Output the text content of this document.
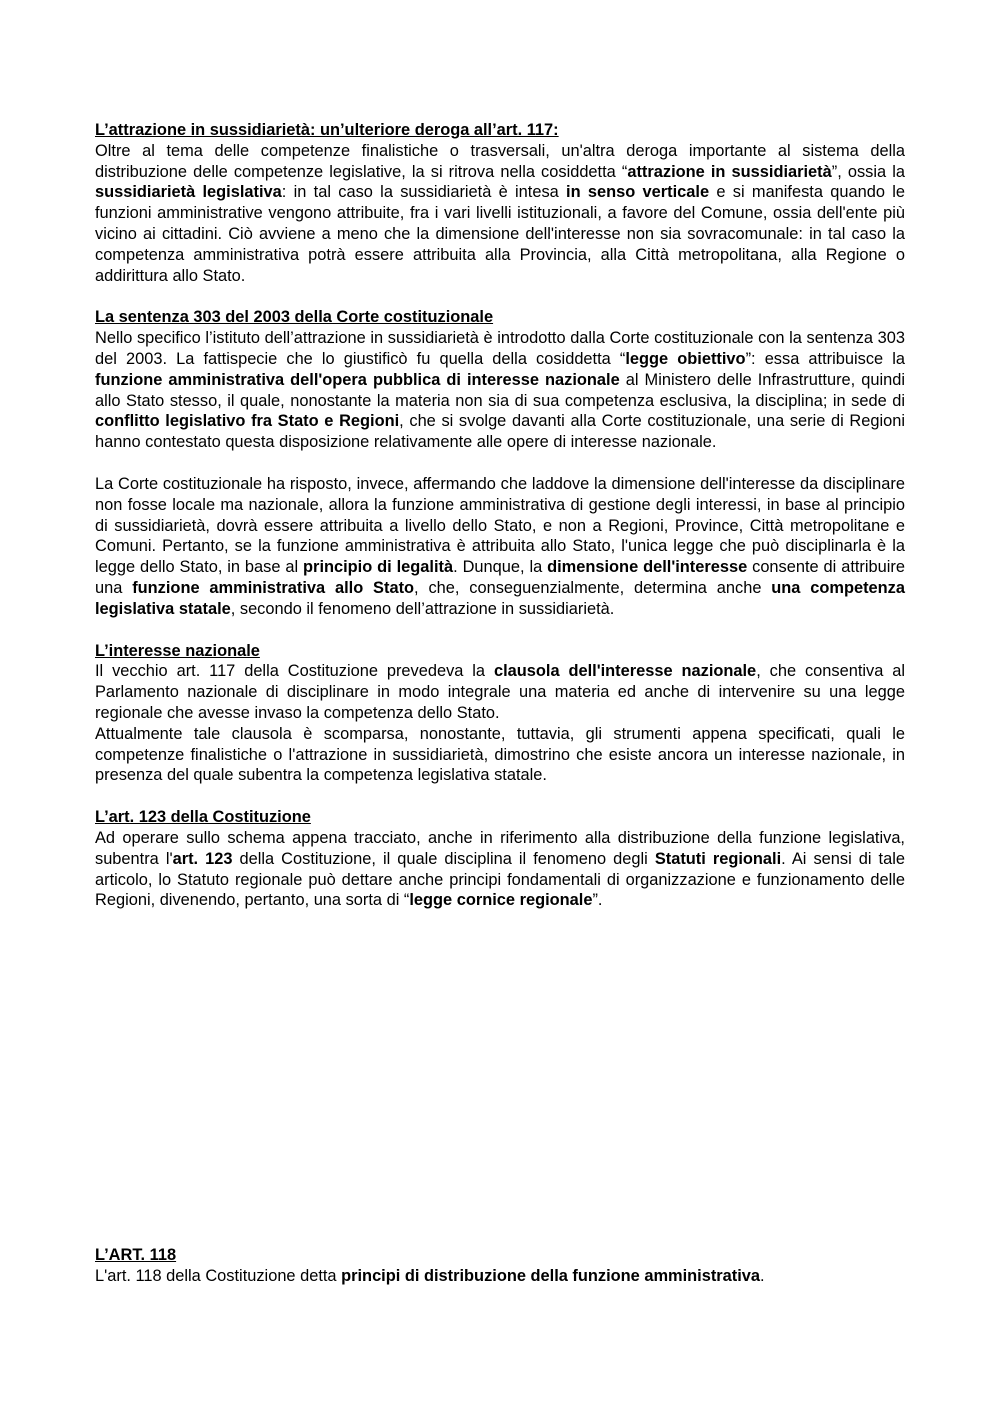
L’attrazione in sussidiarietà: un’ulteriore deroga all’art. 117:

Oltre al tema delle competenze finalistiche o trasversali, un'altra deroga importante al sistema della distribuzione delle competenze legislative, la si ritrova nella cosiddetta “attrazione in sussidiarietà”, ossia la sussidiarietà legislativa: in tal caso la sussidiarietà è intesa in senso verticale e si manifesta quando le funzioni amministrative vengono attribuite, fra i vari livelli istituzionali, a favore del Comune, ossia dell'ente più vicino ai cittadini. Ciò avviene a meno che la dimensione dell'interesse non sia sovracomunale: in tal caso la competenza amministrativa potrà essere attribuita alla Provincia, alla Città metropolitana, alla Regione o addirittura allo Stato.

La sentenza 303 del 2003 della Corte costituzionale

Nello specifico l’istituto dell’attrazione in sussidiarietà è introdotto dalla Corte costituzionale con la sentenza 303 del 2003. La fattispecie che lo giustificò fu quella della cosiddetta “legge obiettivo”: essa attribuisce la funzione amministrativa dell'opera pubblica di interesse nazionale al Ministero delle Infrastrutture, quindi allo Stato stesso, il quale, nonostante la materia non sia di sua competenza esclusiva, la disciplina; in sede di conflitto legislativo fra Stato e Regioni, che si svolge davanti alla Corte costituzionale, una serie di Regioni hanno contestato questa disposizione relativamente alle opere di interesse nazionale.

La Corte costituzionale ha risposto, invece, affermando che laddove la dimensione dell'interesse da disciplinare non fosse locale ma nazionale, allora la funzione amministrativa di gestione degli interessi, in base al principio di sussidiarietà, dovrà essere attribuita a livello dello Stato, e non a Regioni, Province, Città metropolitane e Comuni. Pertanto, se la funzione amministrativa è attribuita allo Stato, l'unica legge che può disciplinarla è la legge dello Stato, in base al principio di legalità. Dunque, la dimensione dell'interesse consente di attribuire una funzione amministrativa allo Stato, che, conseguenzialmente, determina anche una competenza legislativa statale, secondo il fenomeno dell’attrazione in sussidiarietà.

L’interesse nazionale

Il vecchio art. 117 della Costituzione prevedeva la clausola dell'interesse nazionale, che consentiva al Parlamento nazionale di disciplinare in modo integrale una materia ed anche di intervenire su una legge regionale che avesse invaso la competenza dello Stato.

Attualmente tale clausola è scomparsa, nonostante, tuttavia, gli strumenti appena specificati, quali le competenze finalistiche o l'attrazione in sussidiarietà, dimostrino che esiste ancora un interesse nazionale, in presenza del quale subentra la competenza legislativa statale.

L’art. 123 della Costituzione

Ad operare sullo schema appena tracciato, anche in riferimento alla distribuzione della funzione legislativa, subentra l'art. 123 della Costituzione, il quale disciplina il fenomeno degli Statuti regionali. Ai sensi di tale articolo, lo Statuto regionale può dettare anche principi fondamentali di organizzazione e funzionamento delle Regioni, divenendo, pertanto, una sorta di “legge cornice regionale”.

L’ART. 118

L'art. 118 della Costituzione detta principi di distribuzione della funzione amministrativa.
